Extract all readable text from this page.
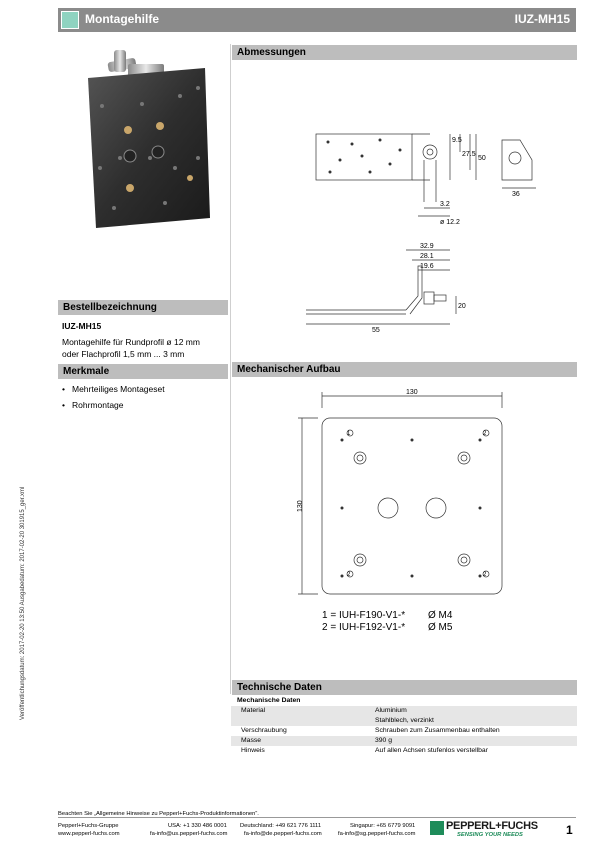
Montagehilfe	IUZ-MH15
Abmessungen
9.5
27.5
50
36
3.2
ø 12.2
32.9
28.1
19.6
20
55
Bestellbezeichnung
IUZ-MH15
Montagehilfe für Rundprofil ø 12 mm
oder Flachprofil 1,5 mm ... 3 mm
Merkmale
• Mehrteiliges Montageset
• Rohrmontage
Mechanischer Aufbau
130
130
1	2
2	2
1 = IUH-F190-V1-* Ø M4
2 = IUH-F192-V1-* Ø M5
Technische Daten
Mechanische Daten	
Material	Aluminium
	Stahlblech, verzinkt
Verschraubung	Schrauben zum Zusammenbau enthalten
Masse	390 g
Hinweis	Auf allen Achsen stufenlos verstellbar
Veröffentlichungsdatum: 2017-02-20 13:50 Ausgabedatum: 2017-02-20 301915_ger.xml
Beachten Sie „Allgemeine Hinweise zu Pepperl+Fuchs-Produktinformationen“.
Pepperl+Fuchs-Gruppe
www.pepperl-fuchs.com
USA: +1 330 486 0001
fa-info@us.pepperl-fuchs.com
Deutschland: +49 621 776 1111
fa-info@de.pepperl-fuchs.com
Singapur: +65 6779 9091
fa-info@sg.pepperl-fuchs.com
PEPPERL+FUCHS
SENSING YOUR NEEDS	1
